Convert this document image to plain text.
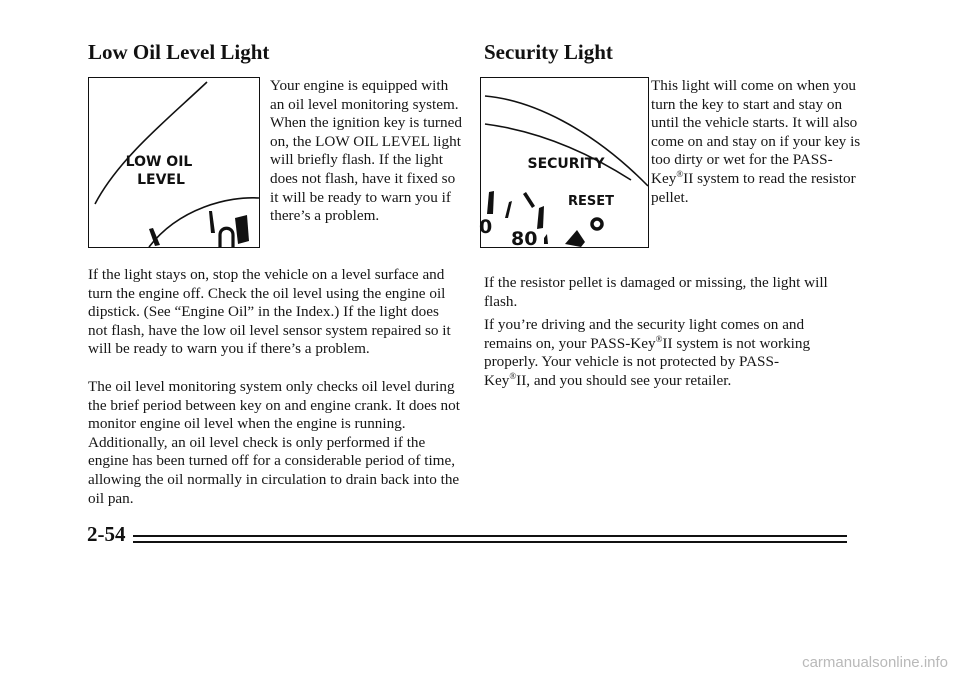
Low Oil Level Light
LOW OIL
LEVEL

Your engine is equipped with an oil level monitoring system. When the ignition key is turned on, the LOW OIL LEVEL light will briefly flash. If the light does not flash, have it fixed so it will be ready to warn you if there’s a problem.

If the light stays on, stop the vehicle on a level surface and turn the engine off. Check the oil level using the engine oil dipstick. (See “Engine Oil” in the Index.) If the light does not flash, have the low oil level sensor system repaired so it will be ready to warn you if there’s a problem.

The oil level monitoring system only checks oil level during the brief period between key on and engine crank. It does not monitor engine oil level when the engine is running. Additionally, an oil level check is only performed if the engine has been turned off for a considerable period of time, allowing the oil normally in circulation to drain back into the oil pan.

Security Light
SECURITY
RESET
0
80

This light will come on when you turn the key to start and stay on until the vehicle starts. It will also come on and stay on if your key is too dirty or wet for the PASS-Key®II system to read the resistor pellet.

If the resistor pellet is damaged or missing, the light will flash.

If you’re driving and the security light comes on and remains on, your PASS-Key®II system is not working properly. Your vehicle is not protected by PASS-Key®II, and you should see your retailer.

2-54

carmanualsonline.info
